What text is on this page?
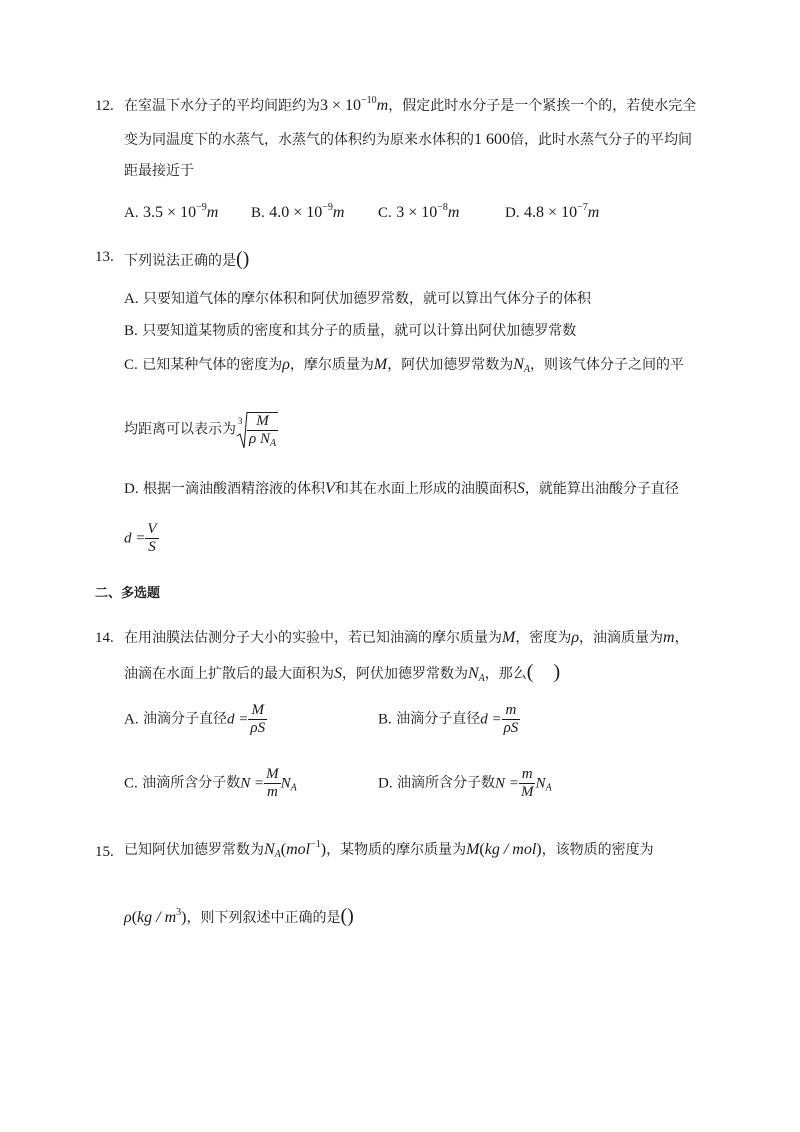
12. 在室温下水分子的平均间距约为$3 \times 10^{-10}m$，假定此时水分子是一个紧挨一个的，若使水完全
变为同温度下的水蒸气，水蒸气的体积约为原来水体积的1 600倍，此时水蒸气分子的平均间
距最接近于
A. $3.5 \times 10^{-9}m$ B. $4.0 \times 10^{-9}m$ C. $3 \times 10^{-8}m$	D. $4.8 \times 10^{-7}m$
13. 下列说法正确的是()
A. 只要知道气体的摩尔体积和阿伏加德罗常数，就可以算出气体分子的体积
B. 只要知道某物质的密度和其分子的质量，就可以计算出阿伏加德罗常数
C. 已知某种气体的密度为ρ，摩尔质量为M，阿伏加德罗常数为$N_A$，则该气体分子之间的平
均距离可以表示为
$3 \frac{M}{\rho N_A}$
D. 根据一滴油酸酒精溶液的体积V和其在水面上形成的油膜面积S，就能算出油酸分子直径
$d = \frac{V}{S}$
二、多选题
14. 在用油膜法估测分子大小的实验中，若已知油滴的摩尔质量为M，密度为ρ，油滴质量为m，
油滴在水面上扩散后的最大面积为S，阿伏加德罗常数为$N_A$，那么(    )
A. 油滴分子直径$d = \frac{M}{\rho S}$	B. 油滴分子直径$d = \frac{m}{\rho S}$
C. 油滴所含分子数$N = \frac{M}{m} N_A$	D. 油滴所含分子数$N = \frac{m}{M} N_A$
15. 已知阿伏加德罗常数为$N_A(mol^{-1})$，某物质的摩尔质量为M(kg / mol)，该物质的密度为
$\rho(kg / m^3)$，则下列叙述中正确的是()
